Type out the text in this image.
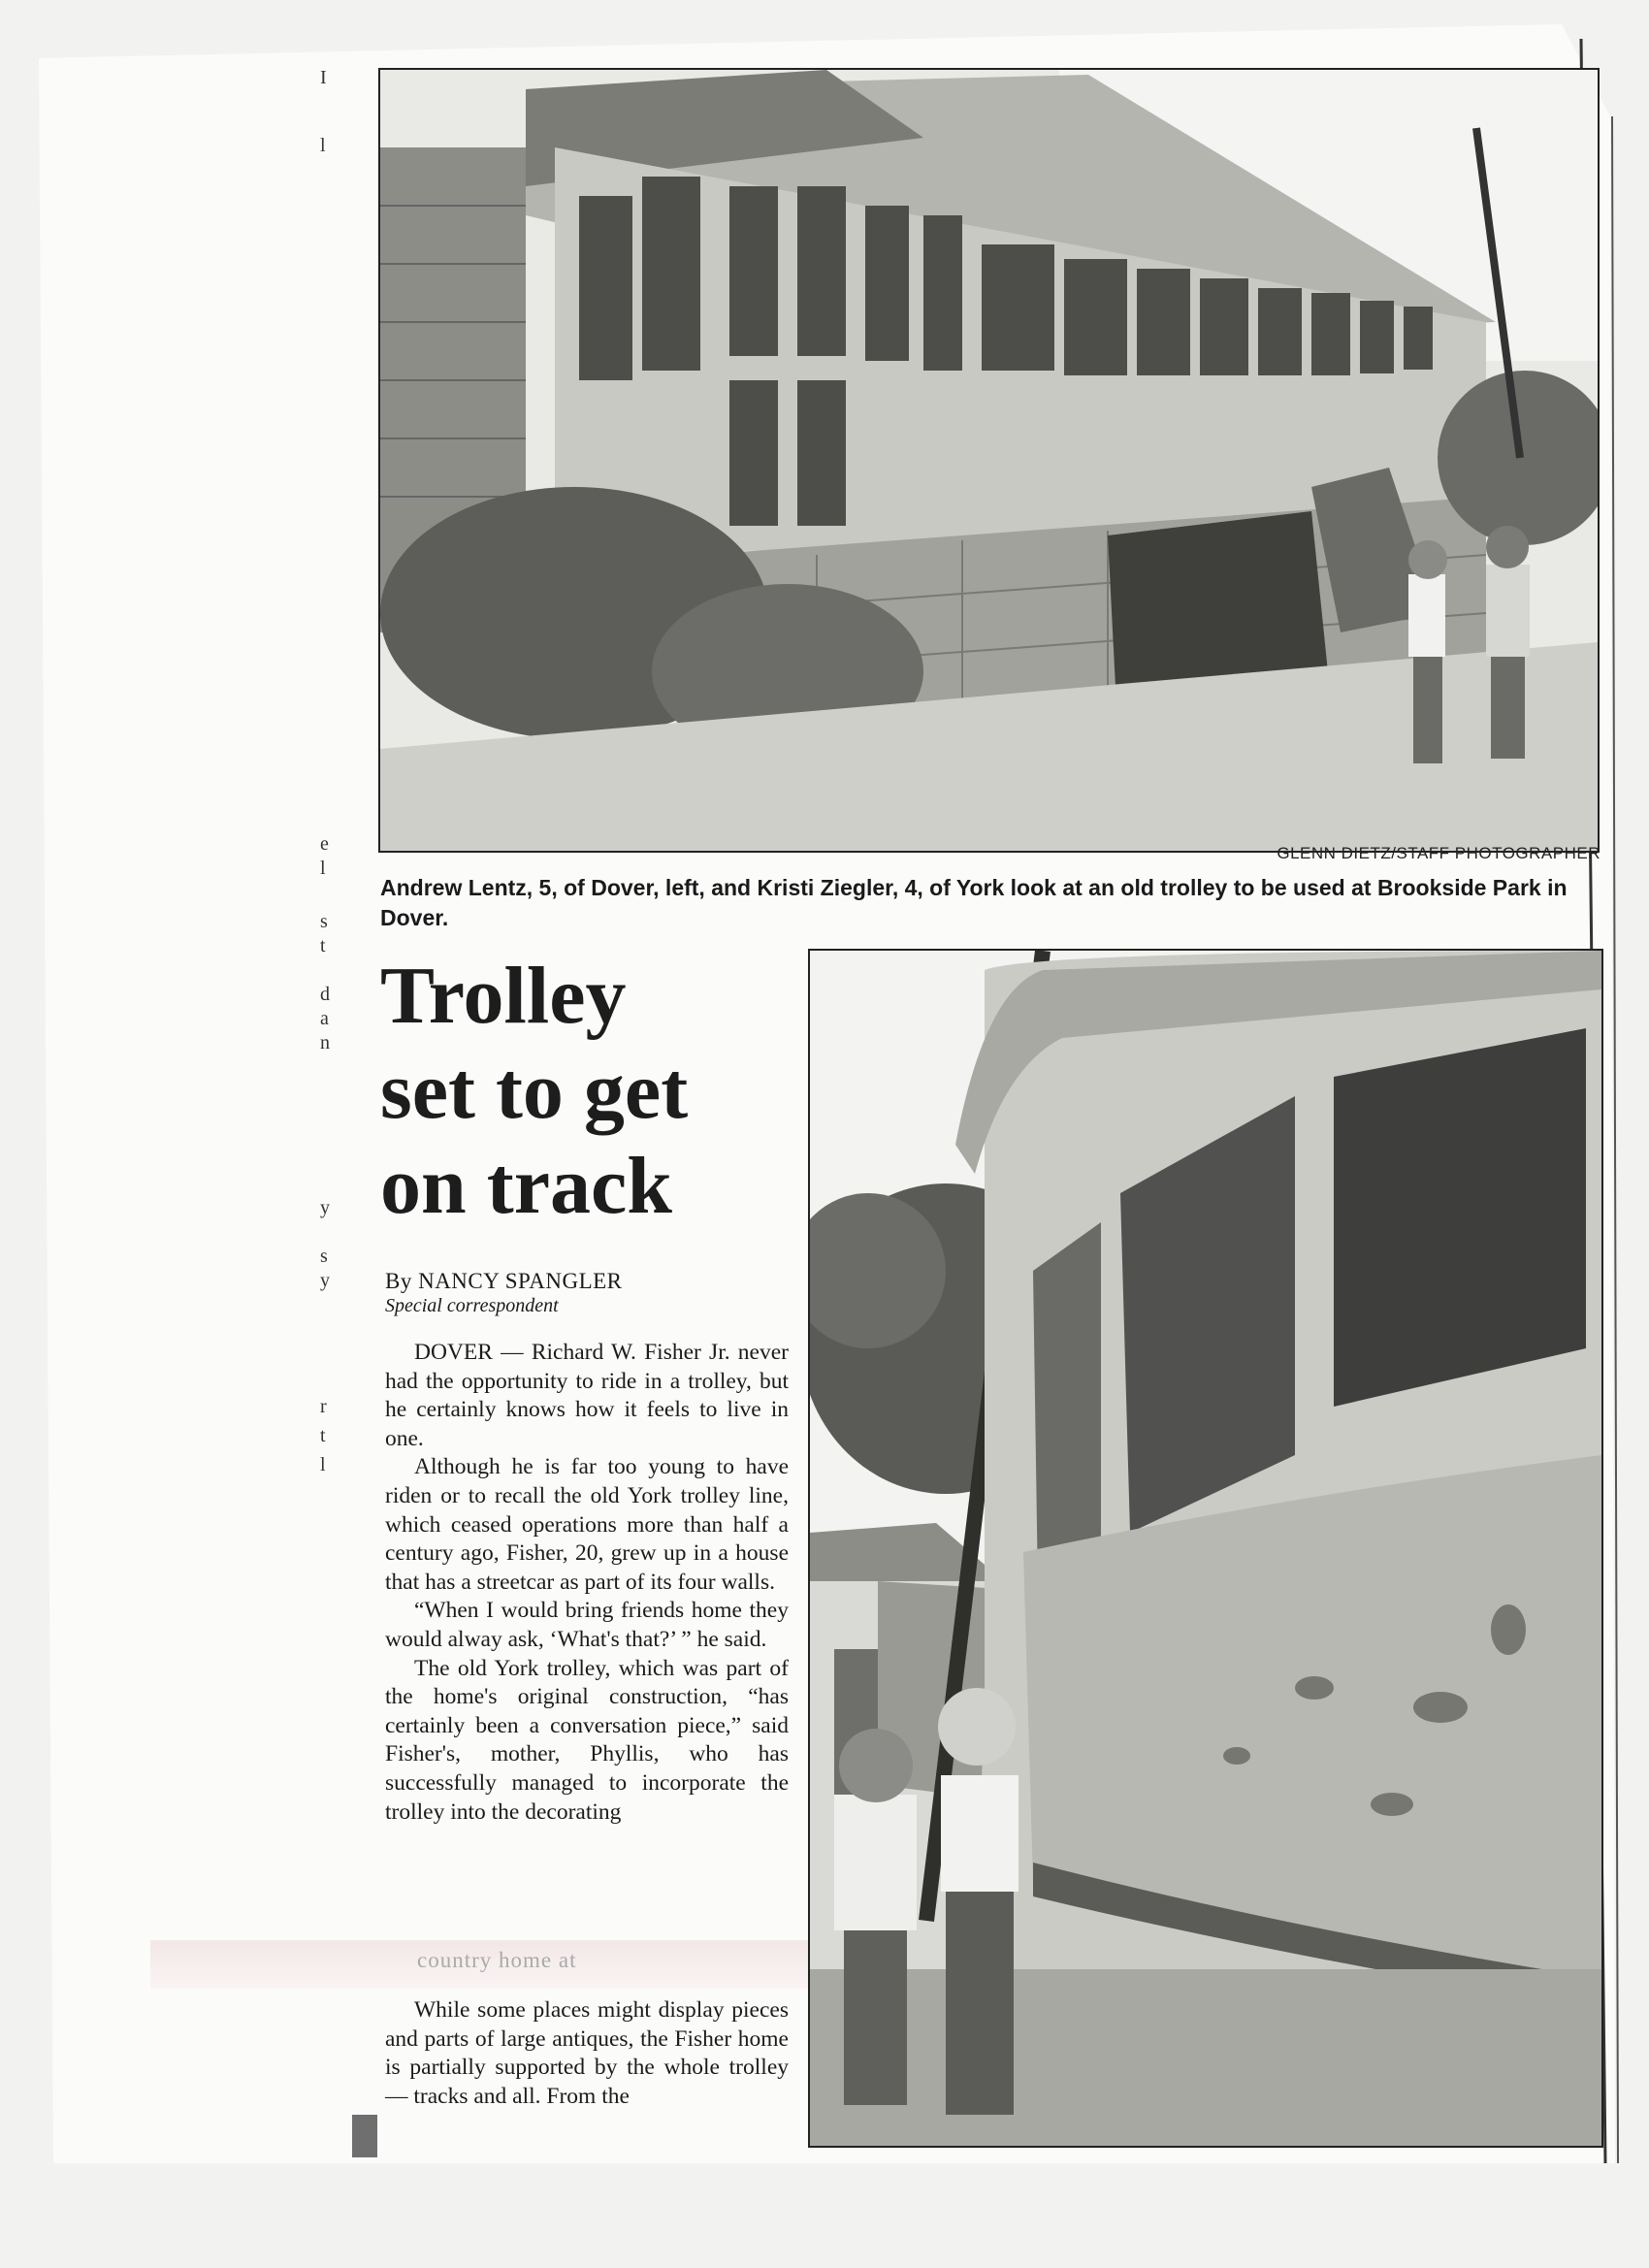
I
l
e
l
s
t
d
a
n
y
s
y
r
t
l
GLENN DIETZ/STAFF PHOTOGRAPHER
Andrew Lentz, 5, of Dover, left, and Kristi Ziegler, 4, of York look at an old trolley to be used at Brookside Park in Dover.
Trolley
set to get
on track
By NANCY SPANGLER
Special correspondent

DOVER — Richard W. Fisher Jr. never had the opportunity to ride in a trolley, but he certainly knows how it feels to live in one.

Although he is far too young to have riden or to recall the old York trolley line, which ceased operations more than half a century ago, Fisher, 20, grew up in a house that has a streetcar as part of its four walls.

“When I would bring friends home they would alway ask, ‘What's that?’ ” he said.

The old York trolley, which was part of the home's original construction, “has certainly been a conversation piece,” said Fisher's, mother, Phyllis, who has successfully managed to incorporate the trolley into the decorating

country home at

While some places might display pieces and parts of large antiques, the Fisher home is partially supported by the whole trolley — tracks and all. From the
